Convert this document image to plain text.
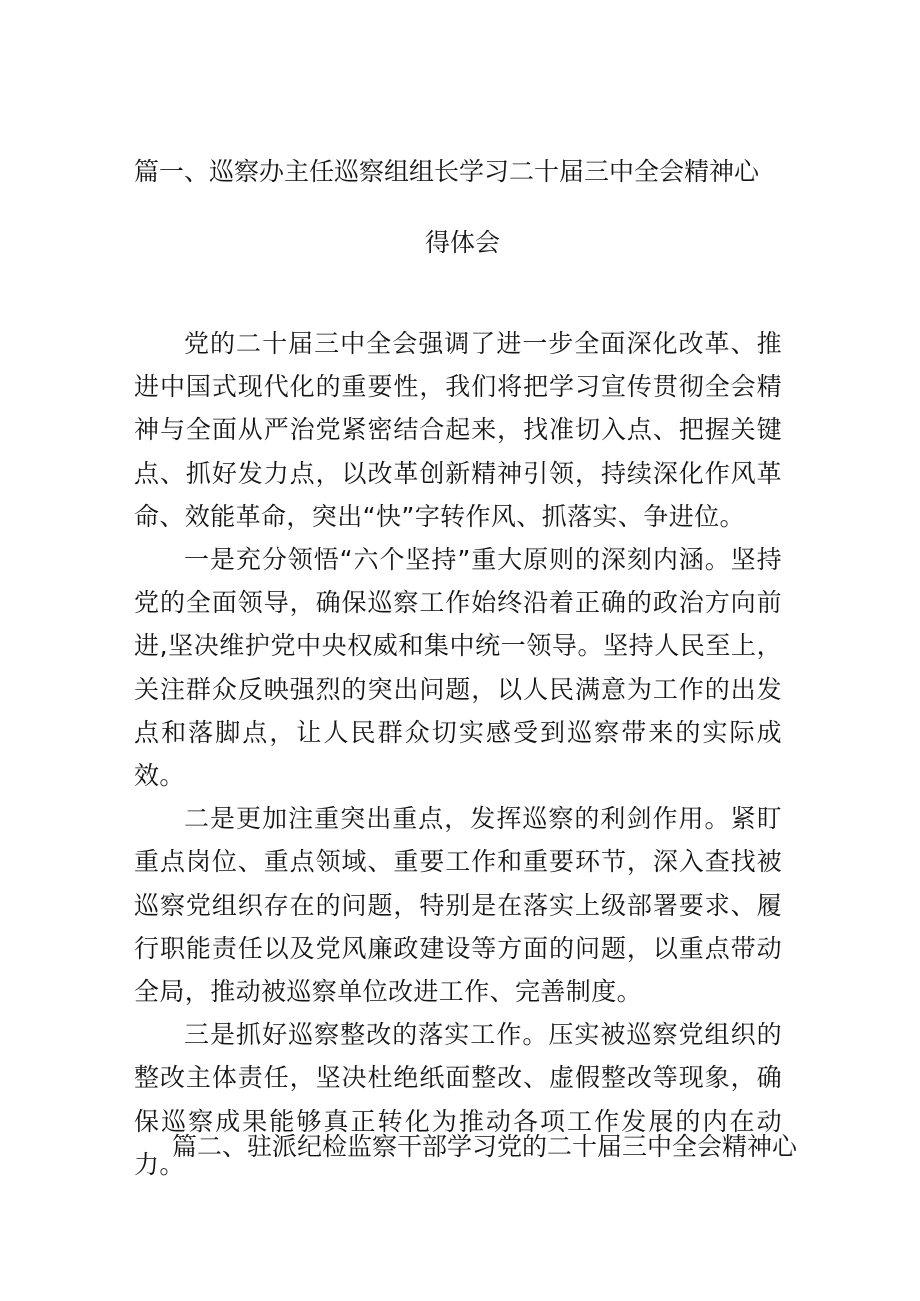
篇一、巡察办主任巡察组组长学习二十届三中全会精神心
得体会

党的二十届三中全会强调了进一步全面深化改革、推进中国式现代化的重要性，我们将把学习宣传贯彻全会精神与全面从严治党紧密结合起来，找准切入点、把握关键点、抓好发力点，以改革创新精神引领，持续深化作风革命、效能革命，突出“快”字转作风、抓落实、争进位。

一是充分领悟“六个坚持”重大原则的深刻内涵。坚持党的全面领导，确保巡察工作始终沿着正确的政治方向前进,坚决维护党中央权威和集中统一领导。坚持人民至上，关注群众反映强烈的突出问题，以人民满意为工作的出发点和落脚点，让人民群众切实感受到巡察带来的实际成效。

二是更加注重突出重点，发挥巡察的利剑作用。紧盯重点岗位、重点领域、重要工作和重要环节，深入查找被巡察党组织存在的问题，特别是在落实上级部署要求、履行职能责任以及党风廉政建设等方面的问题，以重点带动全局，推动被巡察单位改进工作、完善制度。

三是抓好巡察整改的落实工作。压实被巡察党组织的整改主体责任，坚决杜绝纸面整改、虚假整改等现象，确保巡察成果能够真正转化为推动各项工作发展的内在动力。

篇二、驻派纪检监察干部学习党的二十届三中全会精神心
